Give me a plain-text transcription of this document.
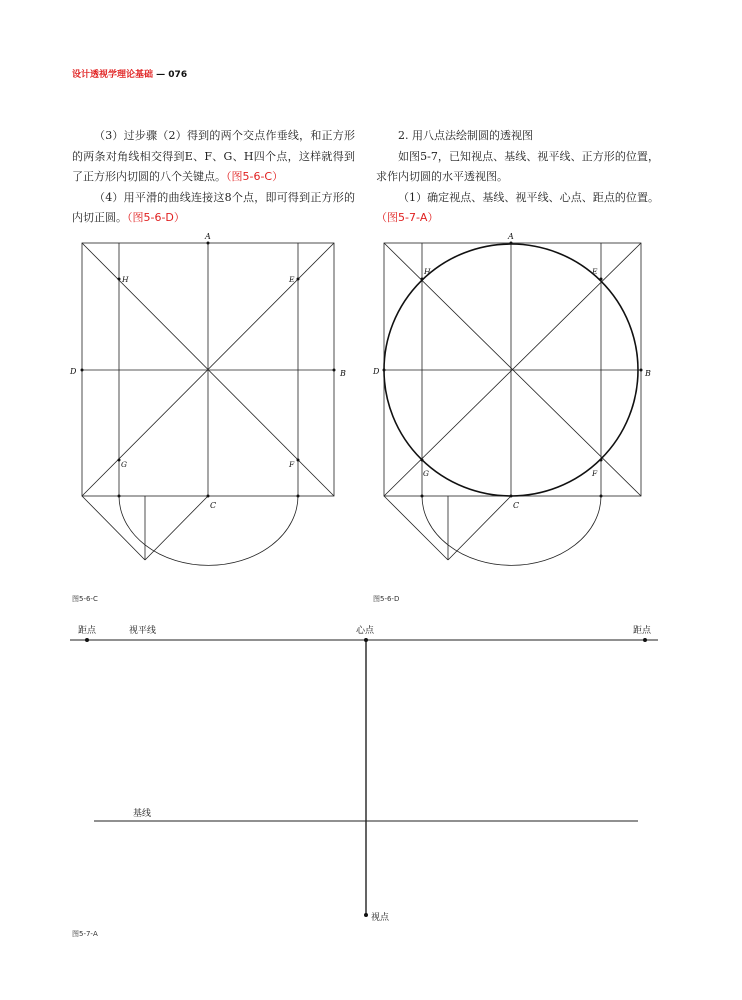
设计透视学理论基础 — 076

（3）过步骤（2）得到的两个交点作垂线，和正方形的两条对角线相交得到E、F、G、H四个点，这样就得到了正方形内切圆的八个关键点。（图5-6-C）

（4）用平滑的曲线连接这8个点，即可得到正方形的内切正圆。（图5-6-D）

2. 用八点法绘制圆的透视图

如图5-7，已知视点、基线、视平线、正方形的位置，求作内切圆的水平透视图。

（1）确定视点、基线、视平线、心点、距点的位置。（图5-7-A）

A
B
C
D
E
F
G
H
A
B
C
D
E
F
G
H
图5-6-C	图5-6-D
距点	视平线	心点	距点
基线
视点
图5-7-A
